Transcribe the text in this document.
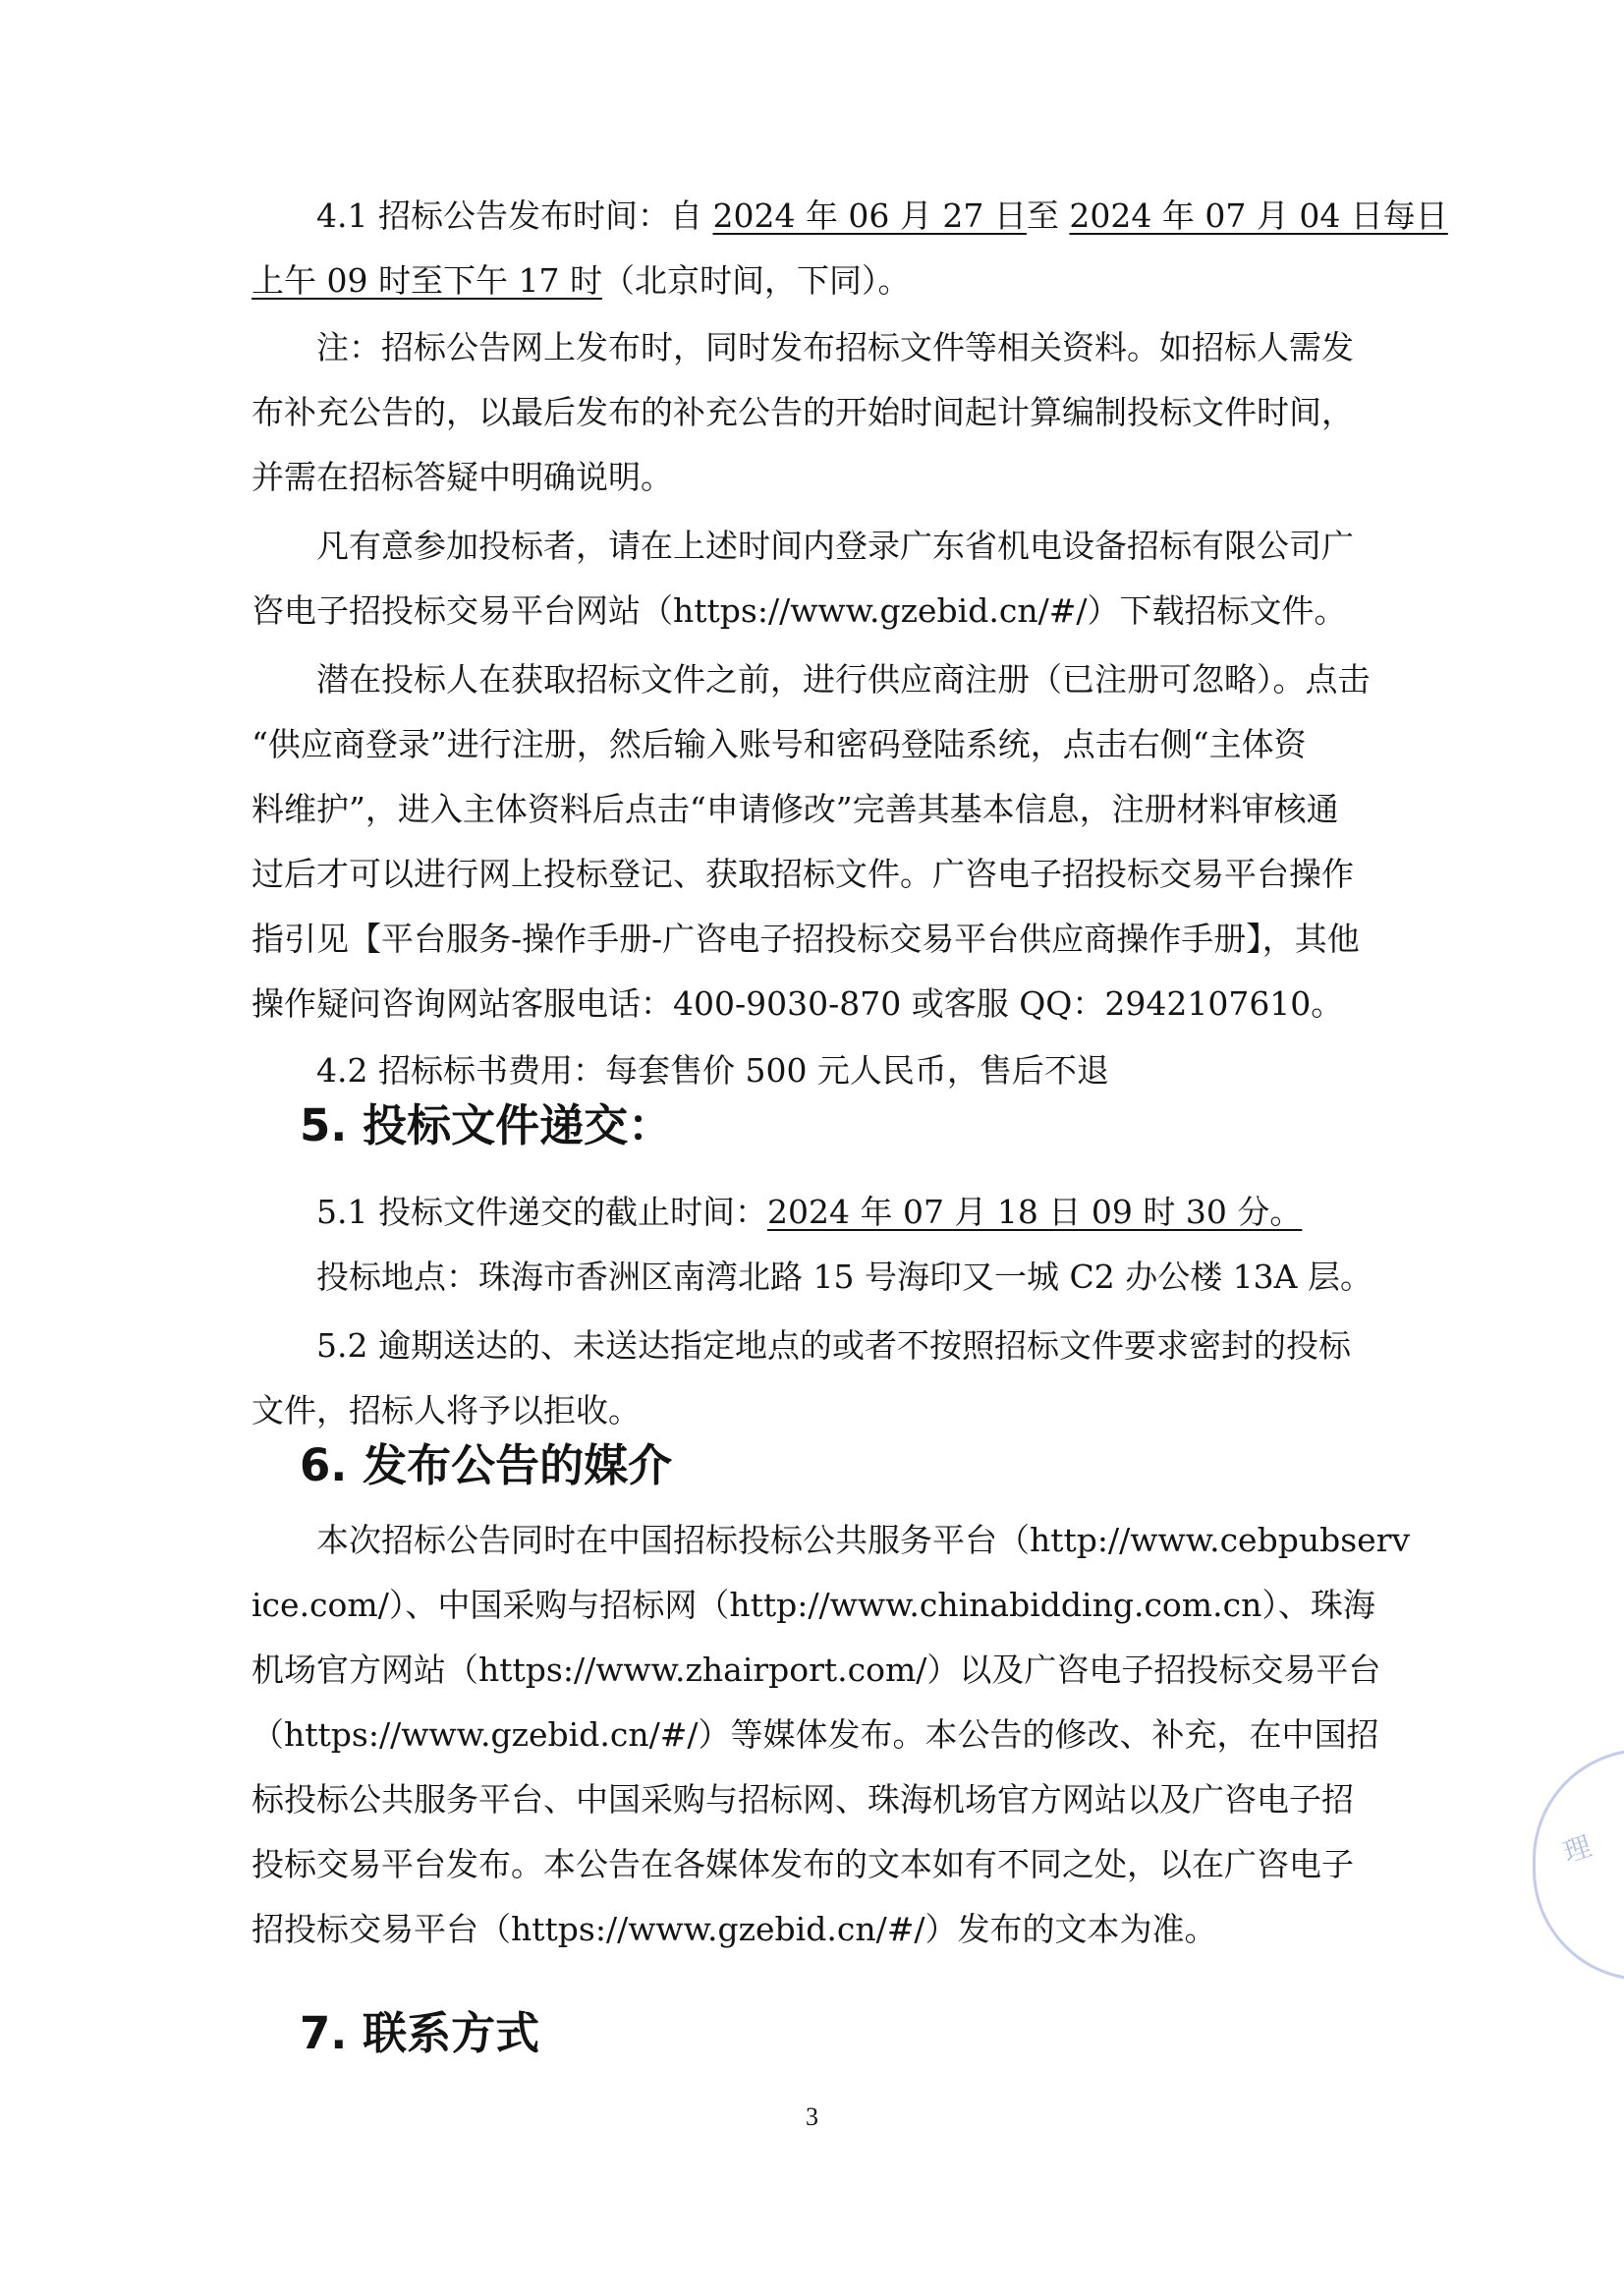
4.1 招标公告发布时间：自 2024 年 06 月 27 日至 2024 年 07 月 04 日每日
上午 09 时至下午 17 时（北京时间，下同）。
注：招标公告网上发布时，同时发布招标文件等相关资料。如招标人需发
布补充公告的，以最后发布的补充公告的开始时间起计算编制投标文件时间，
并需在招标答疑中明确说明。
凡有意参加投标者，请在上述时间内登录广东省机电设备招标有限公司广
咨电子招投标交易平台网站（https://www.gzebid.cn/#/）下载招标文件。
潜在投标人在获取招标文件之前，进行供应商注册（已注册可忽略）。点击
“供应商登录”进行注册，然后输入账号和密码登陆系统，点击右侧“主体资
料维护”，进入主体资料后点击“申请修改”完善其基本信息，注册材料审核通
过后才可以进行网上投标登记、获取招标文件。广咨电子招投标交易平台操作
指引见【平台服务-操作手册-广咨电子招投标交易平台供应商操作手册】，其他
操作疑问咨询网站客服电话：400-9030-870 或客服 QQ：2942107610。
4.2 招标标书费用：每套售价 500 元人民币，售后不退
5. 投标文件递交：
5.1 投标文件递交的截止时间：2024 年 07 月 18 日 09 时 30 分。
投标地点：珠海市香洲区南湾北路 15 号海印又一城 C2 办公楼 13A 层。
5.2 逾期送达的、未送达指定地点的或者不按照招标文件要求密封的投标
文件，招标人将予以拒收。
6. 发布公告的媒介
本次招标公告同时在中国招标投标公共服务平台（http://www.cebpubserv
ice.com/）、中国采购与招标网（http://www.chinabidding.com.cn）、珠海
机场官方网站（https://www.zhairport.com/）以及广咨电子招投标交易平台
（https://www.gzebid.cn/#/）等媒体发布。本公告的修改、补充，在中国招
标投标公共服务平台、中国采购与招标网、珠海机场官方网站以及广咨电子招
投标交易平台发布。本公告在各媒体发布的文本如有不同之处，以在广咨电子
招投标交易平台（https://www.gzebid.cn/#/）发布的文本为准。
7. 联系方式
3
理
